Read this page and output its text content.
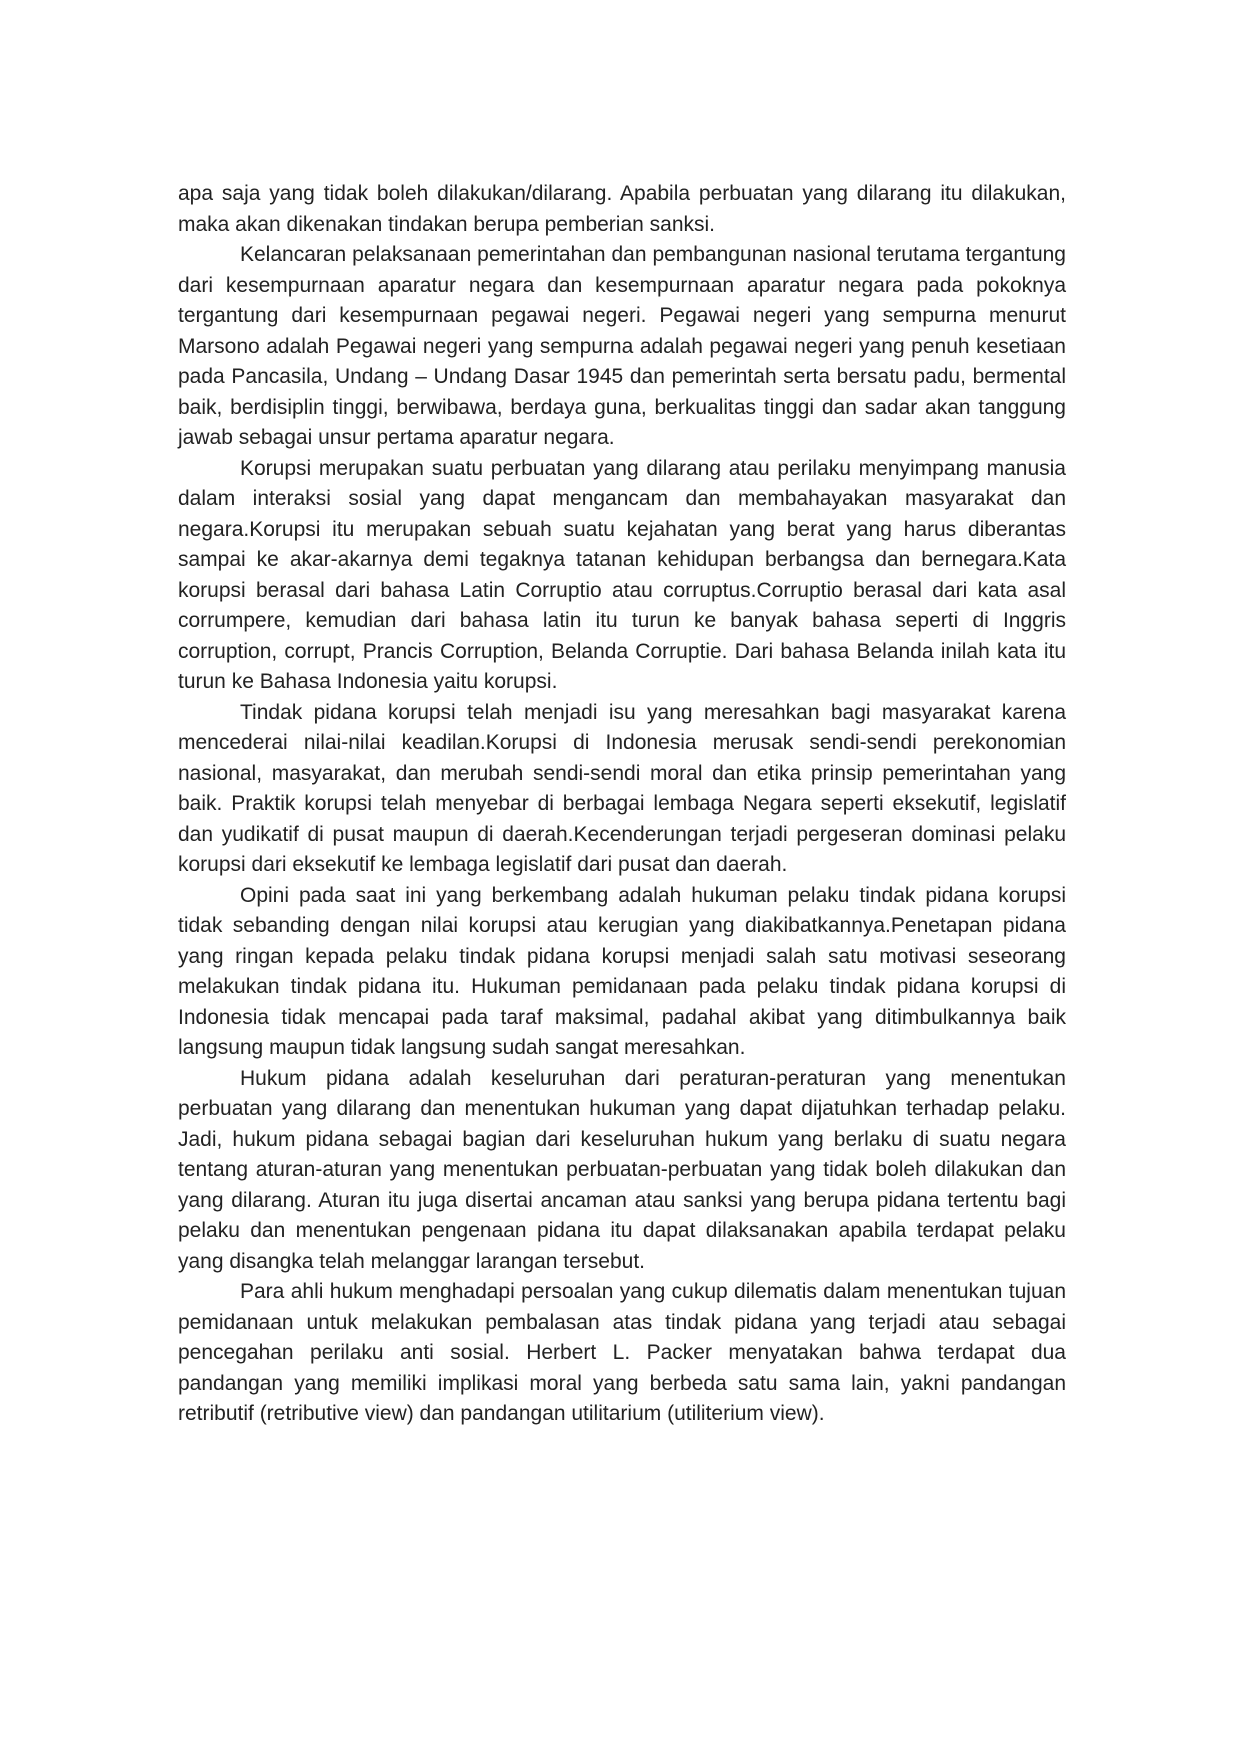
apa saja yang tidak boleh dilakukan/dilarang. Apabila perbuatan yang dilarang itu dilakukan, maka akan dikenakan tindakan berupa pemberian sanksi.

Kelancaran pelaksanaan pemerintahan dan pembangunan nasional terutama tergantung dari kesempurnaan aparatur negara dan kesempurnaan aparatur negara pada pokoknya tergantung dari kesempurnaan pegawai negeri. Pegawai negeri yang sempurna menurut Marsono adalah Pegawai negeri yang sempurna adalah pegawai negeri yang penuh kesetiaan pada Pancasila, Undang – Undang Dasar 1945 dan pemerintah serta bersatu padu, bermental baik, berdisiplin tinggi, berwibawa, berdaya guna, berkualitas tinggi dan sadar akan tanggung jawab sebagai unsur pertama aparatur negara.

Korupsi merupakan suatu perbuatan yang dilarang atau perilaku menyimpang manusia dalam interaksi sosial yang dapat mengancam dan membahayakan masyarakat dan negara.Korupsi itu merupakan sebuah suatu kejahatan yang berat yang harus diberantas sampai ke akar-akarnya demi tegaknya tatanan kehidupan berbangsa dan bernegara.Kata korupsi berasal dari bahasa Latin Corruptio atau corruptus.Corruptio berasal dari kata asal corrumpere, kemudian dari bahasa latin itu turun ke banyak bahasa seperti di Inggris corruption, corrupt, Prancis Corruption, Belanda Corruptie. Dari bahasa Belanda inilah kata itu turun ke Bahasa Indonesia yaitu korupsi.

Tindak pidana korupsi telah menjadi isu yang meresahkan bagi masyarakat karena mencederai nilai-nilai keadilan.Korupsi di Indonesia merusak sendi-sendi perekonomian nasional, masyarakat, dan merubah sendi-sendi moral dan etika prinsip pemerintahan yang baik. Praktik korupsi telah menyebar di berbagai lembaga Negara seperti eksekutif, legislatif dan yudikatif di pusat maupun di daerah.Kecenderungan terjadi pergeseran dominasi pelaku korupsi dari eksekutif ke lembaga legislatif dari pusat dan daerah.

Opini pada saat ini yang berkembang adalah hukuman pelaku tindak pidana korupsi tidak sebanding dengan nilai korupsi atau kerugian yang diakibatkannya.Penetapan pidana yang ringan kepada pelaku tindak pidana korupsi menjadi salah satu motivasi seseorang melakukan tindak pidana itu. Hukuman pemidanaan pada pelaku tindak pidana korupsi di Indonesia tidak mencapai pada taraf maksimal, padahal akibat yang ditimbulkannya baik langsung maupun tidak langsung sudah sangat meresahkan.

Hukum pidana adalah keseluruhan dari peraturan-peraturan yang menentukan perbuatan yang dilarang dan menentukan hukuman yang dapat dijatuhkan terhadap pelaku. Jadi, hukum pidana sebagai bagian dari keseluruhan hukum yang berlaku di suatu negara tentang aturan-aturan yang menentukan perbuatan-perbuatan yang tidak boleh dilakukan dan yang dilarang. Aturan itu juga disertai ancaman atau sanksi yang berupa pidana tertentu bagi pelaku dan menentukan pengenaan pidana itu dapat dilaksanakan apabila terdapat pelaku yang disangka telah melanggar larangan tersebut.

Para ahli hukum menghadapi persoalan yang cukup dilematis dalam menentukan tujuan pemidanaan untuk melakukan pembalasan atas tindak pidana yang terjadi atau sebagai pencegahan perilaku anti sosial. Herbert L. Packer menyatakan bahwa terdapat dua pandangan yang memiliki implikasi moral yang berbeda satu sama lain, yakni pandangan retributif (retributive view) dan pandangan utilitarium (utiliterium view).
